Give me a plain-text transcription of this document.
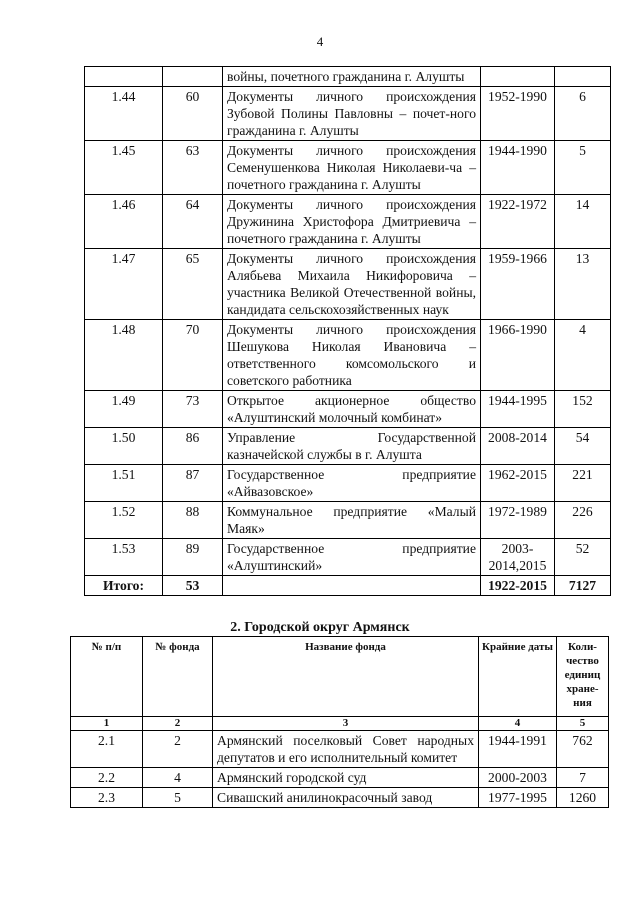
4
		войны, почетного гражданина г. Алушты		
1.44	60	Документы личного происхождения Зубовой Полины Павловны – почет-ного гражданина г. Алушты	1952-1990	6
1.45	63	Документы личного происхождения Семенушенкова Николая Николаеви-ча – почетного гражданина г. Алушты	1944-1990	5
1.46	64	Документы личного происхождения Дружинина Христофора Дмитриевича – почетного гражданина г. Алушты	1922-1972	14
1.47	65	Документы личного происхождения Алябьева Михаила Никифоровича – участника Великой Отечественной войны, кандидата сельскохозяйственных наук	1959-1966	13
1.48	70	Документы личного происхождения Шешукова Николая Ивановича – ответственного комсомольского и советского работника	1966-1990	4
1.49	73	Открытое акционерное общество «Алуштинский молочный комбинат»	1944-1995	152
1.50	86	Управление Государственной казначейской службы в г. Алушта	2008-2014	54
1.51	87	Государственное предприятие «Айвазовское»	1962-2015	221
1.52	88	Коммунальное предприятие «Малый Маяк»	1972-1989	226
1.53	89	Государственное предприятие «Алуштинский»	2003-2014,2015	52
Итого:	53		1922-2015	7127
2. Городской округ Армянск
№ п/п	№ фонда	Название фонда	Крайние даты	Коли-чество единиц хране-ния
1	2	3	4	5
2.1	2	Армянский поселковый Совет народных депутатов и его исполнительный комитет	1944-1991	762
2.2	4	Армянский городской суд	2000-2003	7
2.3	5	Сивашский анилинокрасочный завод	1977-1995	1260
